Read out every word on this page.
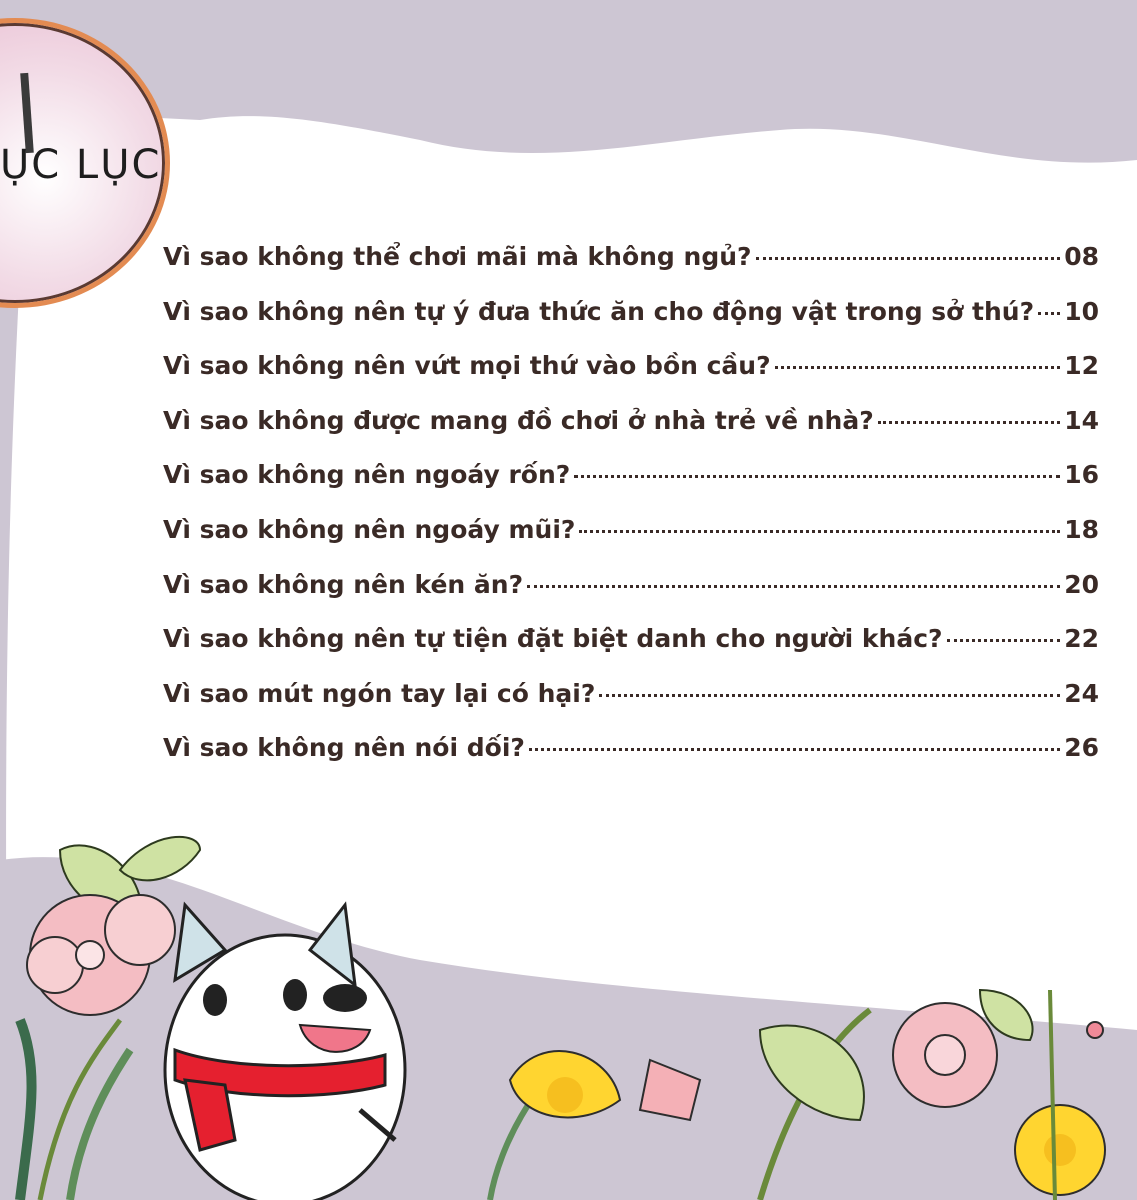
ỤC LỤC
Vì sao không thể chơi mãi mà không ngủ?	08
Vì sao không nên tự ý đưa thức ăn cho động vật trong sở thú? 10
Vì sao không nên vứt mọi thứ vào bồn cầu?	12
Vì sao không được mang đồ chơi ở nhà trẻ về nhà?	14
Vì sao không nên ngoáy rốn?	16
Vì sao không nên ngoáy mũi?	18
Vì sao không nên kén ăn?	20
Vì sao không nên tự tiện đặt biệt danh cho người khác?	22
Vì sao mút ngón tay lại có hại?	24
Vì sao không nên nói dối?	26
